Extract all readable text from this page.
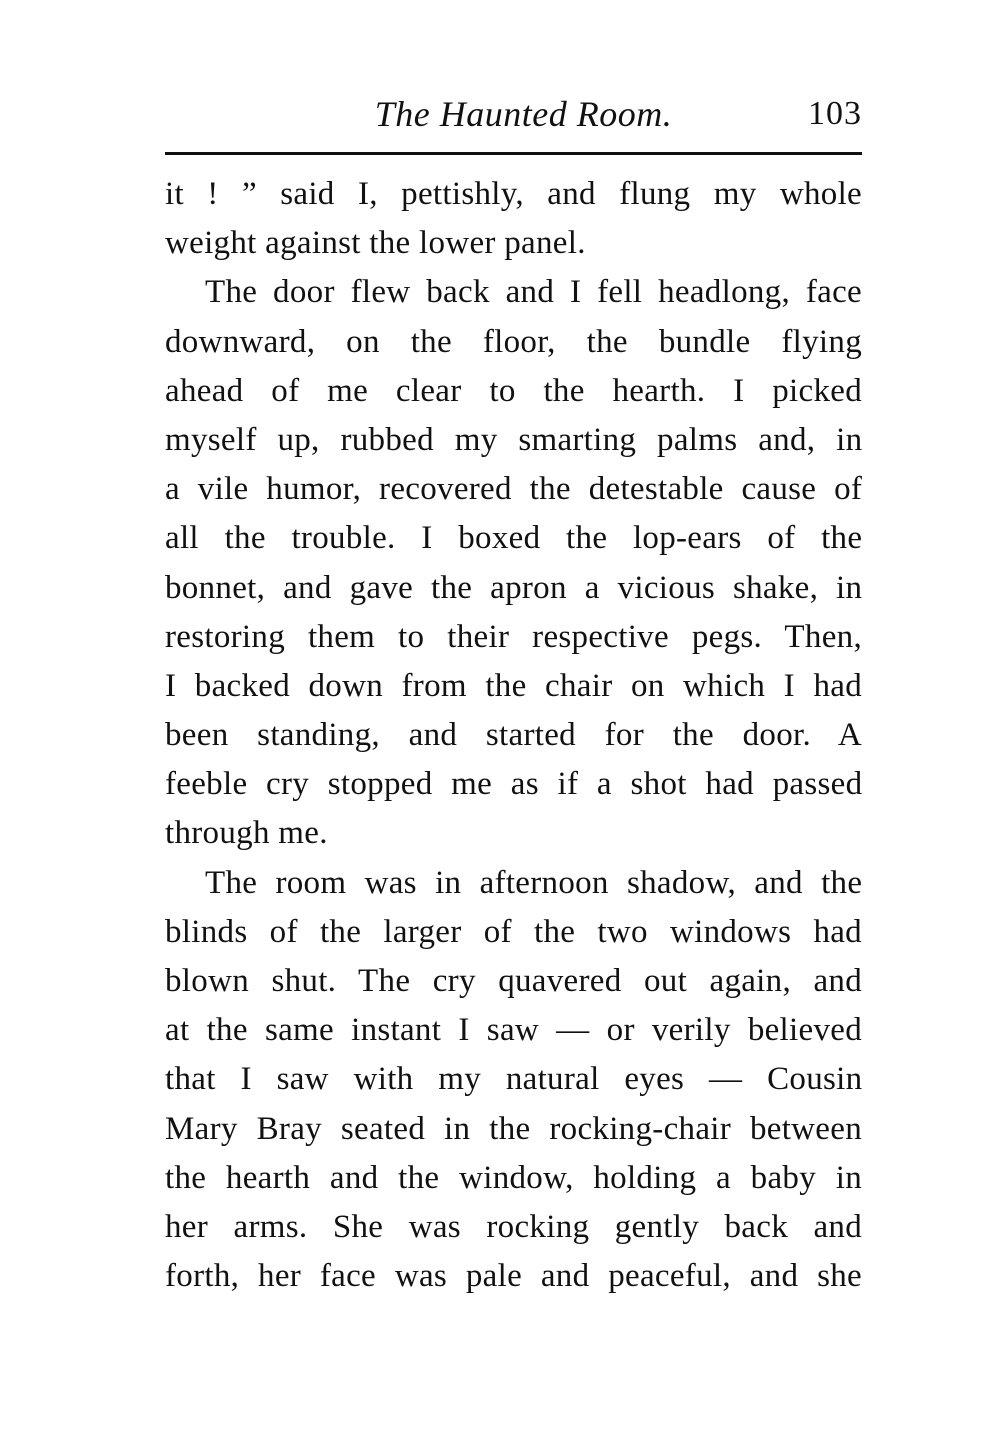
The Haunted Room.	103
it ! ” said I, pettishly, and flung my whole
weight against the lower panel.
The door flew back and I fell headlong, face
downward, on the floor, the bundle flying
ahead of me clear to the hearth. I picked
myself up, rubbed my smarting palms and, in
a vile humor, recovered the detestable cause of
all the trouble. I boxed the lop-ears of the
bonnet, and gave the apron a vicious shake, in
restoring them to their respective pegs. Then,
I backed down from the chair on which I had
been standing, and started for the door. A
feeble cry stopped me as if a shot had passed
through me.
The room was in afternoon shadow, and the
blinds of the larger of the two windows had
blown shut. The cry quavered out again, and
at the same instant I saw — or verily believed
that I saw with my natural eyes — Cousin
Mary Bray seated in the rocking-chair between
the hearth and the window, holding a baby in
her arms. She was rocking gently back and
forth, her face was pale and peaceful, and she
